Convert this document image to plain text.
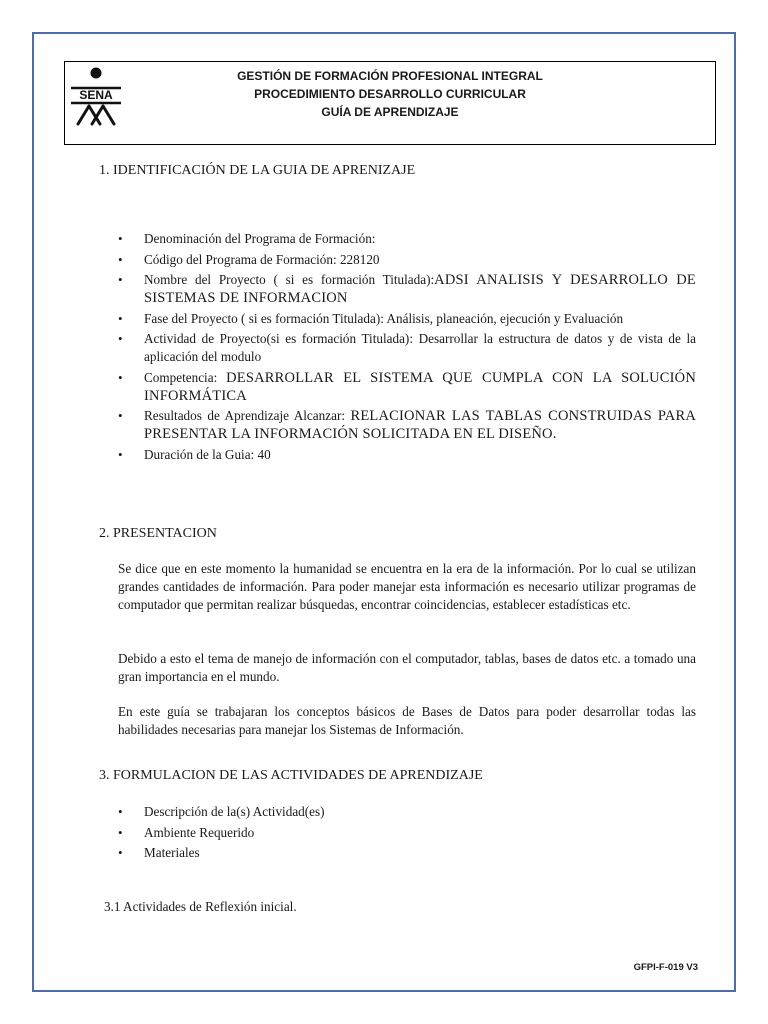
SENA
GESTIÓN DE FORMACIÓN PROFESIONAL INTEGRAL
PROCEDIMIENTO DESARROLLO CURRICULAR
GUÍA DE APRENDIZAJE
1. IDENTIFICACIÓN DE LA GUIA DE APRENIZAJE
• Denominación del Programa de Formación:
• Código del Programa de Formación: 228120
• Nombre del Proyecto ( si es formación Titulada):ADSI ANALISIS Y DESARROLLO DE SISTEMAS DE INFORMACION
• Fase del Proyecto ( si es formación Titulada): Análisis, planeación, ejecución y Evaluación
• Actividad de Proyecto(si es formación Titulada): Desarrollar la estructura de datos y de vista de la aplicación del modulo
• Competencia: DESARROLLAR EL SISTEMA QUE CUMPLA CON LA SOLUCIÓN INFORMÁTICA
• Resultados de Aprendizaje Alcanzar: RELACIONAR LAS TABLAS CONSTRUIDAS PARA PRESENTAR LA INFORMACIÓN SOLICITADA EN EL DISEÑO.
• Duración de la Guia: 40
2. PRESENTACION

Se dice que en este momento la humanidad se encuentra en la era de la información. Por lo cual se utilizan grandes cantidades de información. Para poder manejar esta información es necesario utilizar programas de computador que permitan realizar búsquedas, encontrar coincidencias, establecer estadísticas etc.

Debido a esto el tema de manejo de información con el computador, tablas, bases de datos etc. a tomado una gran importancia en el mundo.

En este guía se trabajaran los conceptos básicos de Bases de Datos para poder desarrollar todas las habilidades necesarias para manejar los Sistemas de Información.

3. FORMULACION DE LAS ACTIVIDADES DE APRENDIZAJE
• Descripción de la(s) Actividad(es)
• Ambiente Requerido
• Materiales
3.1 Actividades de Reflexión inicial.
GFPI-F-019 V3
